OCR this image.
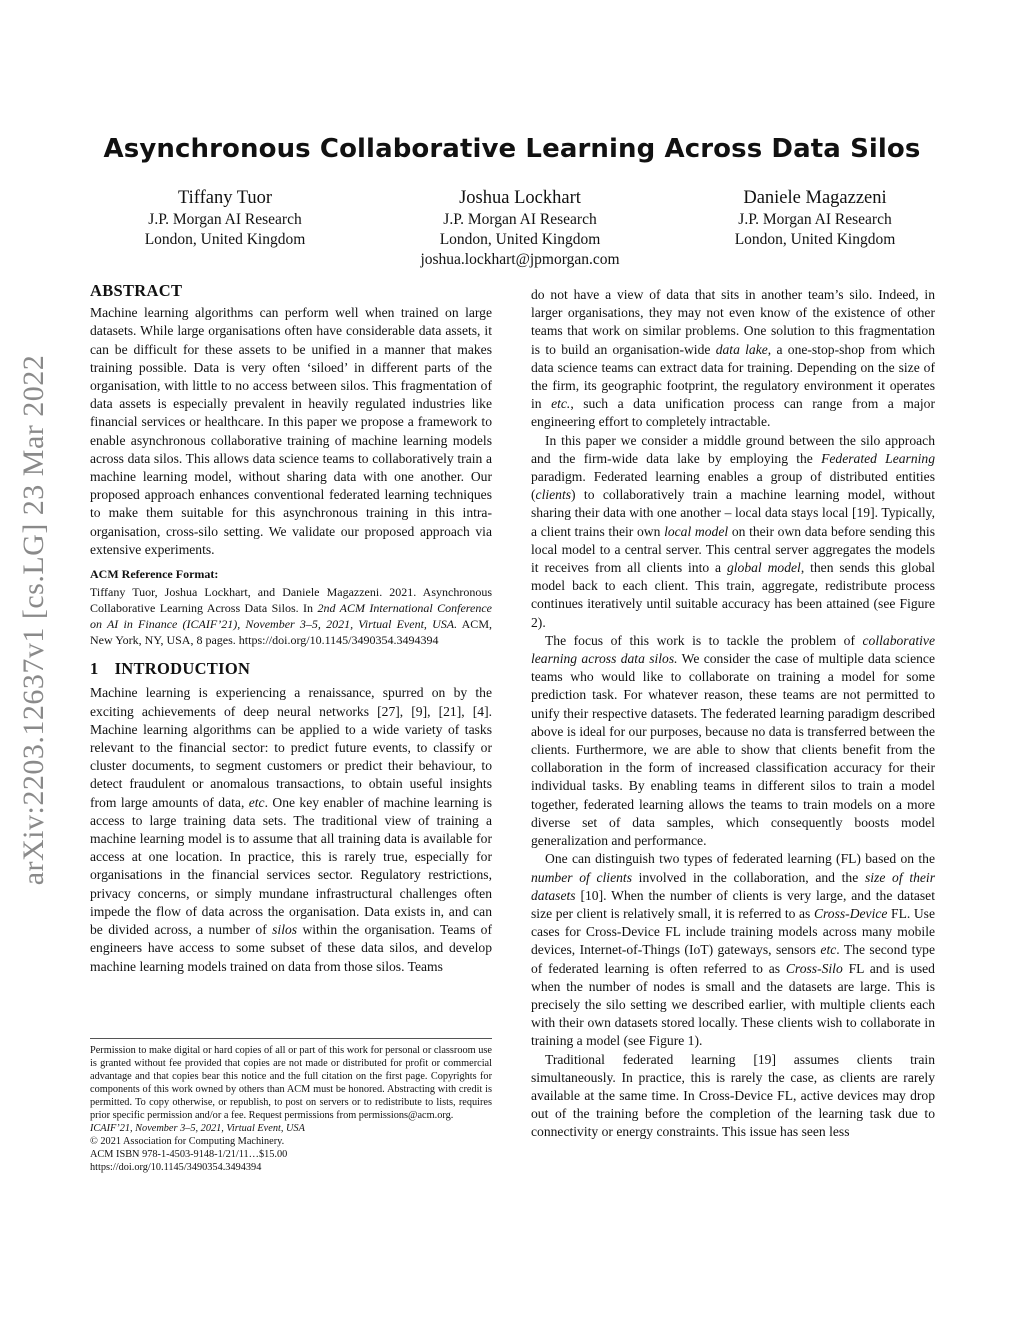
arXiv:2203.12637v1 [cs.LG] 23 Mar 2022
Asynchronous Collaborative Learning Across Data Silos
Tiffany Tuor
J.P. Morgan AI Research
London, United Kingdom
Joshua Lockhart
J.P. Morgan AI Research
London, United Kingdom
joshua.lockhart@jpmorgan.com
Daniele Magazzeni
J.P. Morgan AI Research
London, United Kingdom
ABSTRACT

Machine learning algorithms can perform well when trained on large datasets. While large organisations often have considerable data assets, it can be difficult for these assets to be unified in a manner that makes training possible. Data is very often ‘siloed’ in different parts of the organisation, with little to no access between silos. This fragmentation of data assets is especially prevalent in heavily regulated industries like financial services or healthcare. In this paper we propose a framework to enable asynchronous collaborative training of machine learning models across data silos. This allows data science teams to collaboratively train a machine learning model, without sharing data with one another. Our proposed approach enhances conventional federated learning techniques to make them suitable for this asynchronous training in this intra-organisation, cross-silo setting. We validate our proposed approach via extensive experiments.

ACM Reference Format:

Tiffany Tuor, Joshua Lockhart, and Daniele Magazzeni. 2021. Asynchronous Collaborative Learning Across Data Silos. In 2nd ACM International Conference on AI in Finance (ICAIF’21), November 3–5, 2021, Virtual Event, USA. ACM, New York, NY, USA, 8 pages. https://doi.org/10.1145/3490354.3494394

1 INTRODUCTION

Machine learning is experiencing a renaissance, spurred on by the exciting achievements of deep neural networks [27], [9], [21], [4]. Machine learning algorithms can be applied to a wide variety of tasks relevant to the financial sector: to predict future events, to classify or cluster documents, to segment customers or predict their behaviour, to detect fraudulent or anomalous transactions, to obtain useful insights from large amounts of data, etc. One key enabler of machine learning is access to large training data sets. The traditional view of training a machine learning model is to assume that all training data is available for access at one location. In practice, this is rarely true, especially for organisations in the financial services sector. Regulatory restrictions, privacy concerns, or simply mundane infrastructural challenges often impede the flow of data across the organisation. Data exists in, and can be divided across, a number of silos within the organisation. Teams of engineers have access to some subset of these data silos, and develop machine learning models trained on data from those silos. Teams

Permission to make digital or hard copies of all or part of this work for personal or classroom use is granted without fee provided that copies are not made or distributed for profit or commercial advantage and that copies bear this notice and the full citation on the first page. Copyrights for components of this work owned by others than ACM must be honored. Abstracting with credit is permitted. To copy otherwise, or republish, to post on servers or to redistribute to lists, requires prior specific permission and/or a fee. Request permissions from permissions@acm.org.

ICAIF’21, November 3–5, 2021, Virtual Event, USA

© 2021 Association for Computing Machinery.

ACM ISBN 978-1-4503-9148-1/21/11…$15.00

https://doi.org/10.1145/3490354.3494394

do not have a view of data that sits in another team’s silo. Indeed, in larger organisations, they may not even know of the existence of other teams that work on similar problems. One solution to this fragmentation is to build an organisation-wide data lake, a one-stop-shop from which data science teams can extract data for training. Depending on the size of the firm, its geographic footprint, the regulatory environment it operates in etc., such a data unification process can range from a major engineering effort to completely intractable.

In this paper we consider a middle ground between the silo approach and the firm-wide data lake by employing the Federated Learning paradigm. Federated learning enables a group of distributed entities (clients) to collaboratively train a machine learning model, without sharing their data with one another – local data stays local [19]. Typically, a client trains their own local model on their own data before sending this local model to a central server. This central server aggregates the models it receives from all clients into a global model, then sends this global model back to each client. This train, aggregate, redistribute process continues iteratively until suitable accuracy has been attained (see Figure 2).

The focus of this work is to tackle the problem of collaborative learning across data silos. We consider the case of multiple data science teams who would like to collaborate on training a model for some prediction task. For whatever reason, these teams are not permitted to unify their respective datasets. The federated learning paradigm described above is ideal for our purposes, because no data is transferred between the clients. Furthermore, we are able to show that clients benefit from the collaboration in the form of increased classification accuracy for their individual tasks. By enabling teams in different silos to train a model together, federated learning allows the teams to train models on a more diverse set of data samples, which consequently boosts model generalization and performance.

One can distinguish two types of federated learning (FL) based on the number of clients involved in the collaboration, and the size of their datasets [10]. When the number of clients is very large, and the dataset size per client is relatively small, it is referred to as Cross-Device FL. Use cases for Cross-Device FL include training models across many mobile devices, Internet-of-Things (IoT) gateways, sensors etc. The second type of federated learning is often referred to as Cross-Silo FL and is used when the number of nodes is small and the datasets are large. This is precisely the silo setting we described earlier, with multiple clients each with their own datasets stored locally. These clients wish to collaborate in training a model (see Figure 1).

Traditional federated learning [19] assumes clients train simultaneously. In practice, this is rarely the case, as clients are rarely available at the same time. In Cross-Device FL, active devices may drop out of the training before the completion of the learning task due to connectivity or energy constraints. This issue has seen less
